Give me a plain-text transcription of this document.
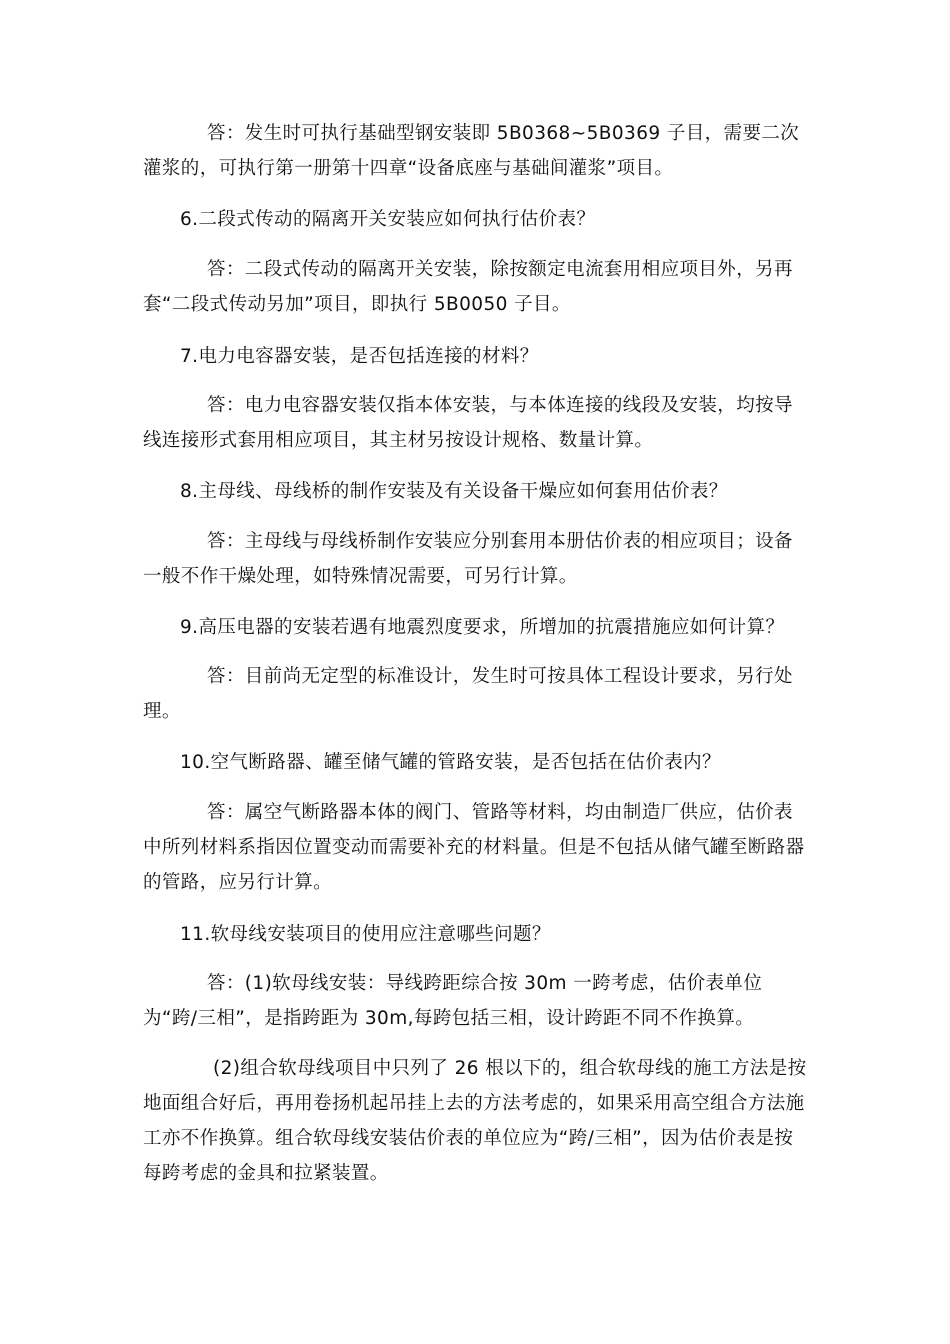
答：发生时可执行基础型钢安装即 5B0368~5B0369 子目，需要二次灌浆的，可执行第一册第十四章“设备底座与基础间灌浆”项目。

6.二段式传动的隔离开关安装应如何执行估价表？

答：二段式传动的隔离开关安装，除按额定电流套用相应项目外，另再套“二段式传动另加”项目，即执行 5B0050 子目。

7.电力电容器安装，是否包括连接的材料？

答：电力电容器安装仅指本体安装，与本体连接的线段及安装，均按导线连接形式套用相应项目，其主材另按设计规格、数量计算。

8.主母线、母线桥的制作安装及有关设备干燥应如何套用估价表？

答：主母线与母线桥制作安装应分别套用本册估价表的相应项目；设备一般不作干燥处理，如特殊情况需要，可另行计算。

9.高压电器的安装若遇有地震烈度要求，所增加的抗震措施应如何计算？

答：目前尚无定型的标准设计，发生时可按具体工程设计要求，另行处理。

10.空气断路器、罐至储气罐的管路安装，是否包括在估价表内？

答：属空气断路器本体的阀门、管路等材料，均由制造厂供应，估价表中所列材料系指因位置变动而需要补充的材料量。但是不包括从储气罐至断路器的管路，应另行计算。

11.软母线安装项目的使用应注意哪些问题？

答：(1)软母线安装：导线跨距综合按 30m 一跨考虑，估价表单位为“跨/三相”，是指跨距为 30m,每跨包括三相，设计跨距不同不作换算。

(2)组合软母线项目中只列了 26 根以下的，组合软母线的施工方法是按地面组合好后，再用卷扬机起吊挂上去的方法考虑的，如果采用高空组合方法施工亦不作换算。组合软母线安装估价表的单位应为“跨/三相”，因为估价表是按每跨考虑的金具和拉紧装置。
